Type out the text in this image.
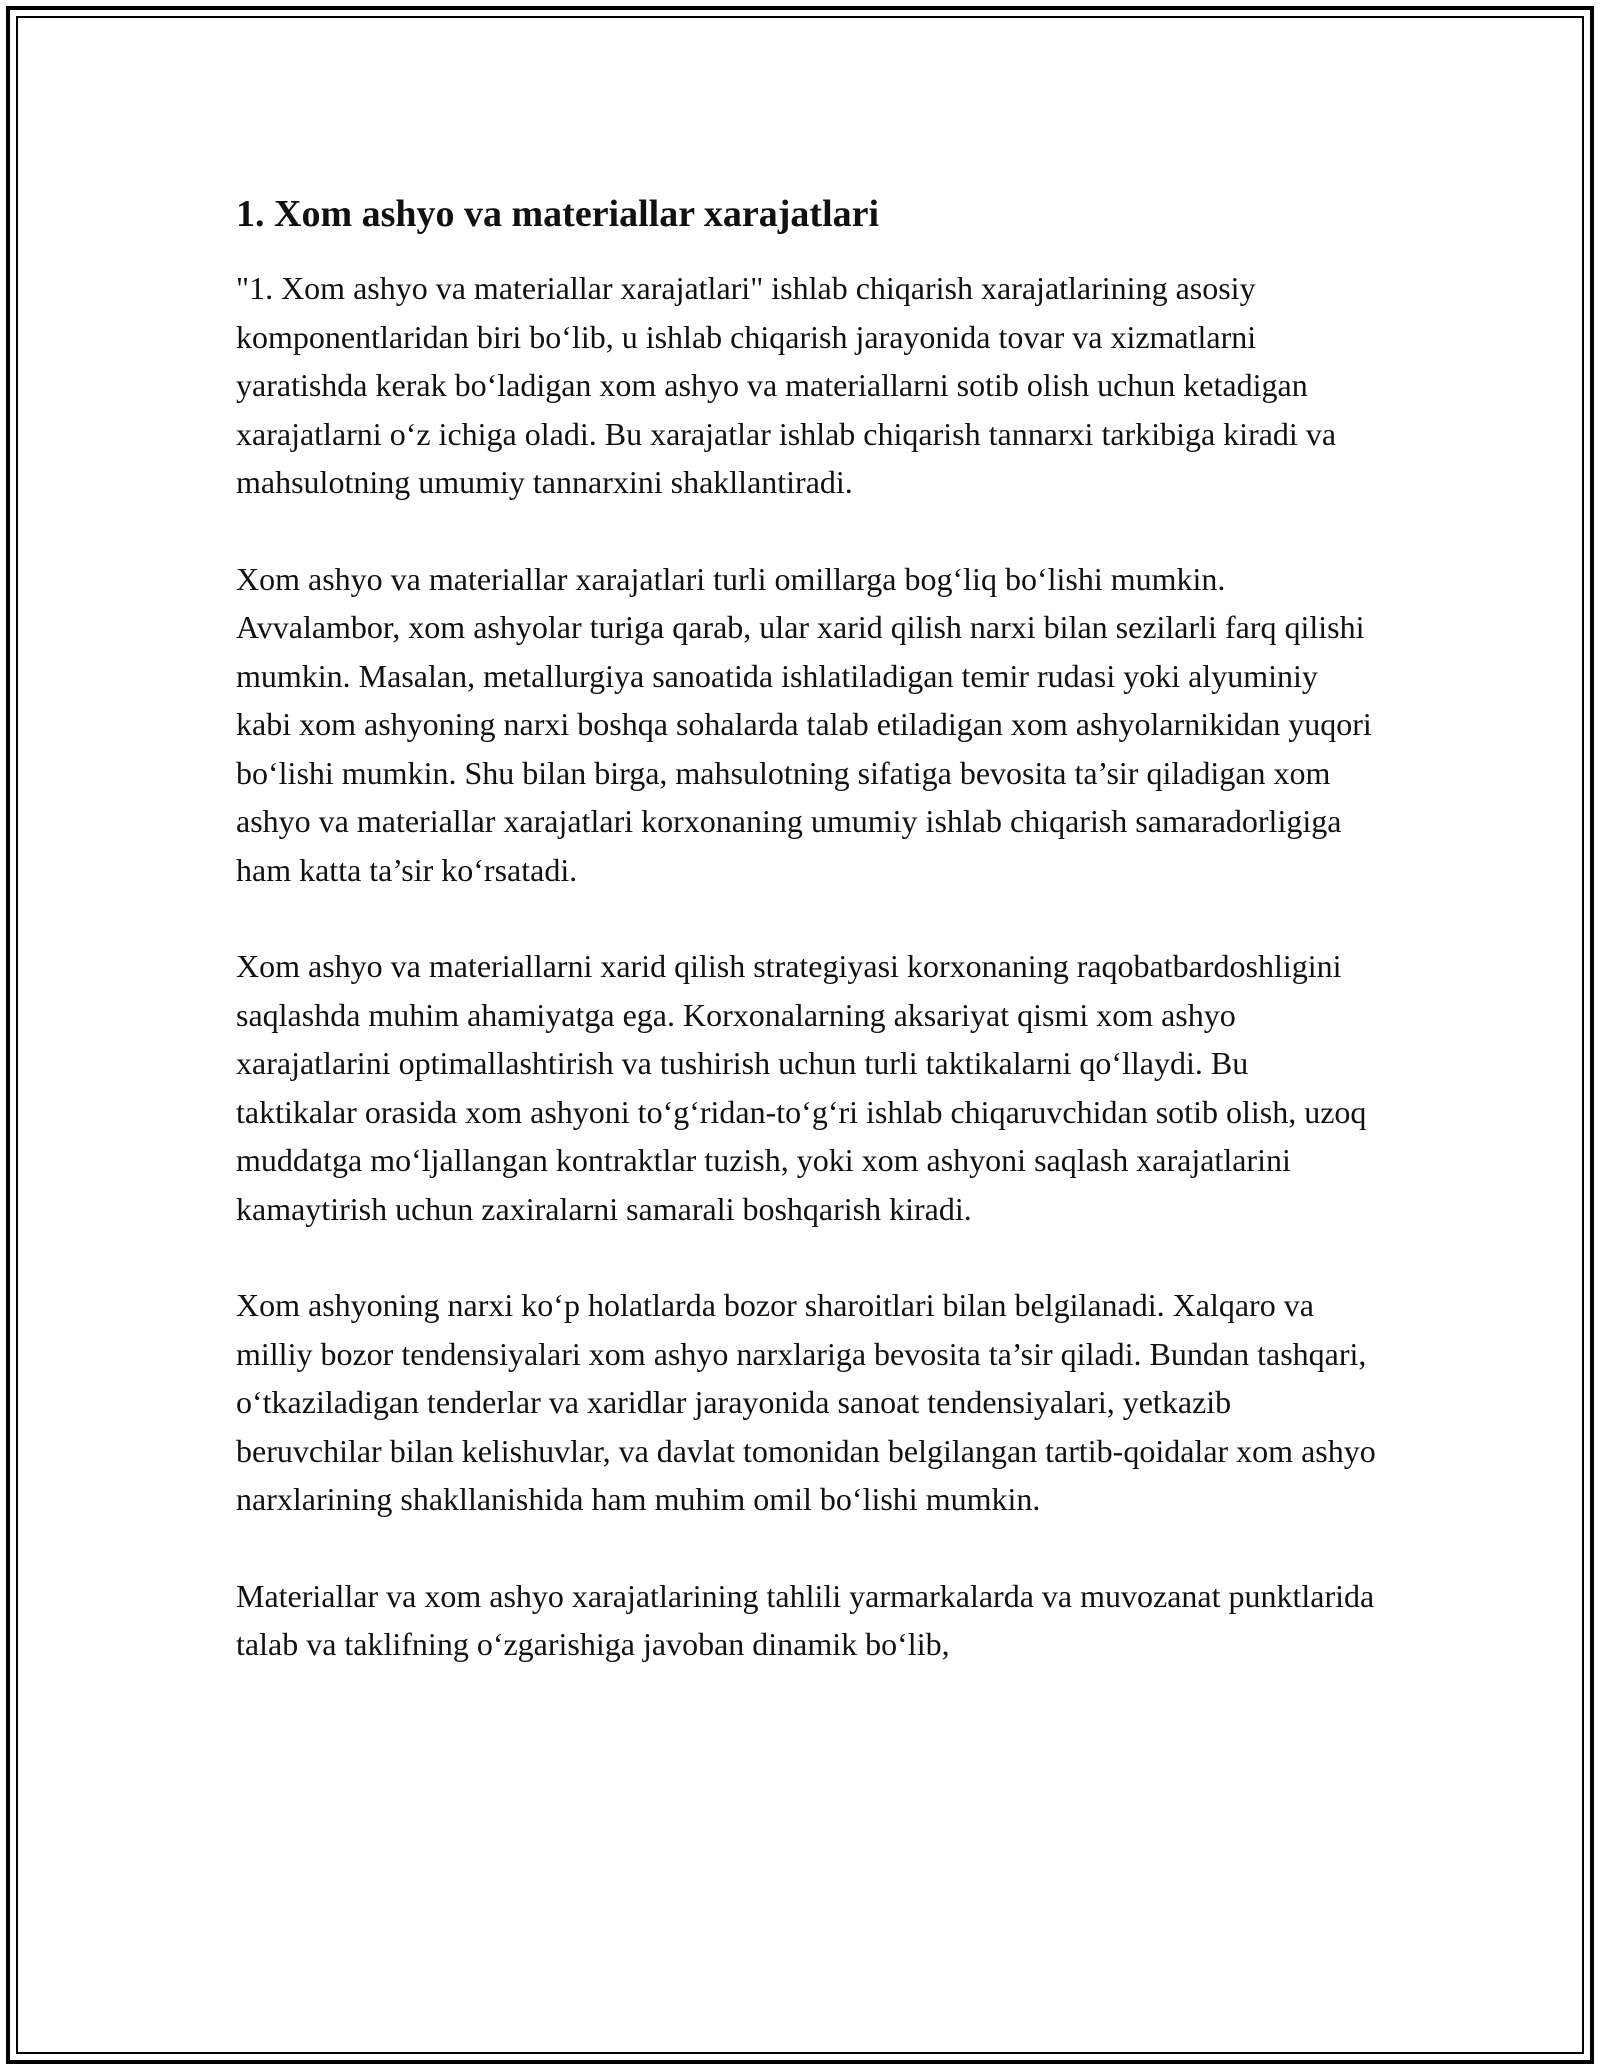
1. Xom ashyo va materiallar xarajatlari

"1. Xom ashyo va materiallar xarajatlari" ishlab chiqarish xarajatlarining asosiy komponentlaridan biri bo‘lib, u ishlab chiqarish jarayonida tovar va xizmatlarni yaratishda kerak bo‘ladigan xom ashyo va materiallarni sotib olish uchun ketadigan xarajatlarni o‘z ichiga oladi. Bu xarajatlar ishlab chiqarish tannarxi tarkibiga kiradi va mahsulotning umumiy tannarxini shakllantiradi.

Xom ashyo va materiallar xarajatlari turli omillarga bog‘liq bo‘lishi mumkin. Avvalambor, xom ashyolar turiga qarab, ular xarid qilish narxi bilan sezilarli farq qilishi mumkin. Masalan, metallurgiya sanoatida ishlatiladigan temir rudasi yoki alyuminiy kabi xom ashyoning narxi boshqa sohalarda talab etiladigan xom ashyolarnikidan yuqori bo‘lishi mumkin. Shu bilan birga, mahsulotning sifatiga bevosita ta’sir qiladigan xom ashyo va materiallar xarajatlari korxonaning umumiy ishlab chiqarish samaradorligiga ham katta ta’sir ko‘rsatadi.

Xom ashyo va materiallarni xarid qilish strategiyasi korxonaning raqobatbardoshligini saqlashda muhim ahamiyatga ega. Korxonalarning aksariyat qismi xom ashyo xarajatlarini optimallashtirish va tushirish uchun turli taktikalarni qo‘llaydi. Bu taktikalar orasida xom ashyoni to‘g‘ridan-to‘g‘ri ishlab chiqaruvchidan sotib olish, uzoq muddatga mo‘ljallangan kontraktlar tuzish, yoki xom ashyoni saqlash xarajatlarini kamaytirish uchun zaxiralarni samarali boshqarish kiradi.

Xom ashyoning narxi ko‘p holatlarda bozor sharoitlari bilan belgilanadi. Xalqaro va milliy bozor tendensiyalari xom ashyo narxlariga bevosita ta’sir qiladi. Bundan tashqari, o‘tkaziladigan tenderlar va xaridlar jarayonida sanoat tendensiyalari, yetkazib beruvchilar bilan kelishuvlar, va davlat tomonidan belgilangan tartib-qoidalar xom ashyo narxlarining shakllanishida ham muhim omil bo‘lishi mumkin.

Materiallar va xom ashyo xarajatlarining tahlili yarmarkalarda va muvozanat punktlarida talab va taklifning o‘zgarishiga javoban dinamik bo‘lib,
